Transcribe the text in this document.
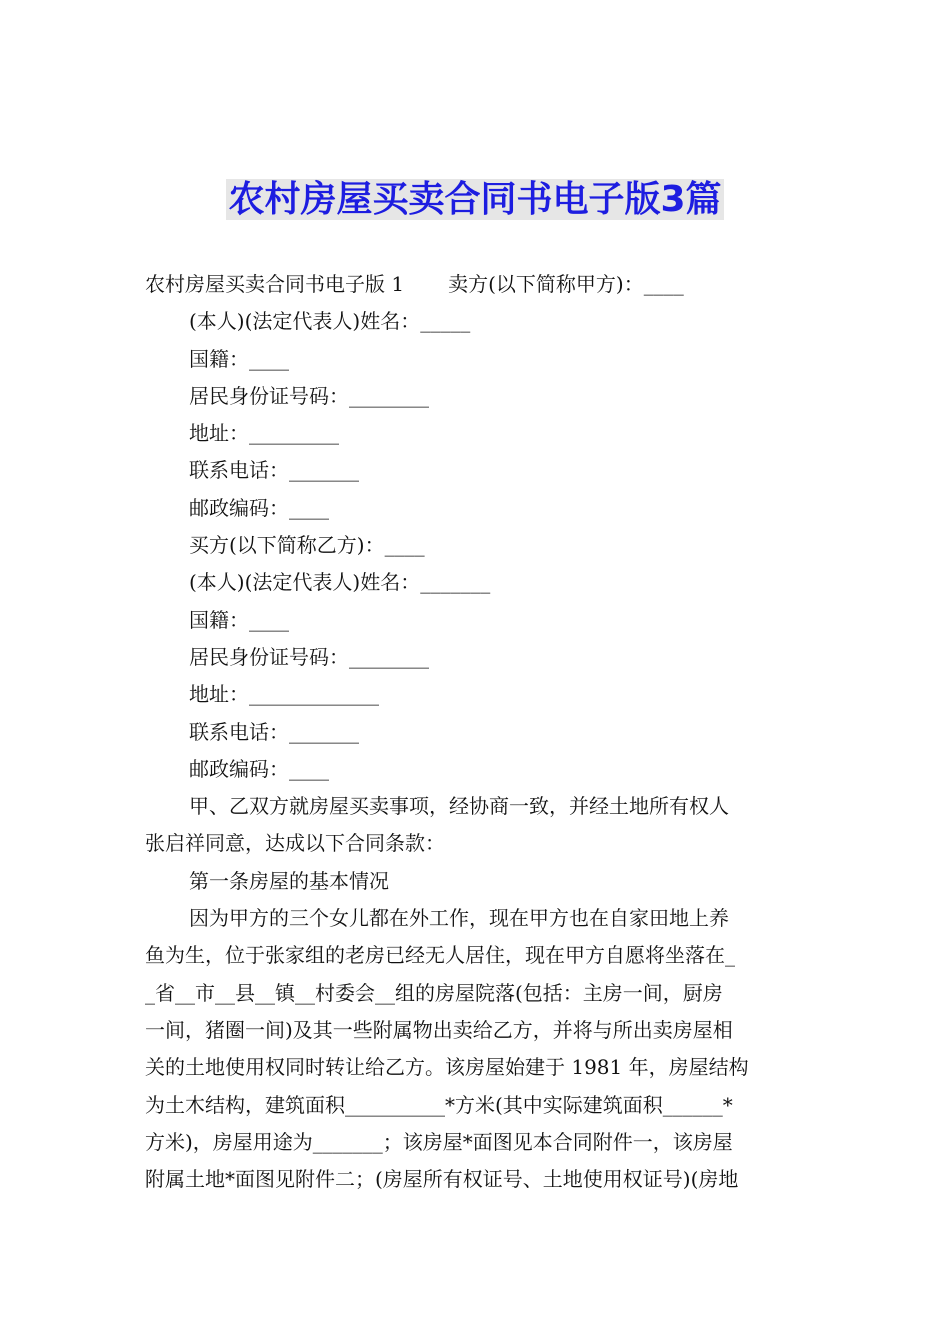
农村房屋买卖合同书电子版3篇
农村房屋买卖合同书电子版 1 卖方(以下简称甲方)：____
(本人)(法定代表人)姓名：_____
国籍：____
居民身份证号码：________
地址：_________
联系电话：_______
邮政编码：____
买方(以下简称乙方)：____
(本人)(法定代表人)姓名：_______
国籍：____
居民身份证号码：________
地址：_____________
联系电话：_______
邮政编码：____
甲、乙双方就房屋买卖事项，经协商一致，并经土地所有权人
张启祥同意，达成以下合同条款：
第一条房屋的基本情况
因为甲方的三个女儿都在外工作，现在甲方也在自家田地上养
鱼为生，位于张家组的老房已经无人居住，现在甲方自愿将坐落在_
_省__市__县__镇__村委会__组的房屋院落(包括：主房一间，厨房
一间，猪圈一间)及其一些附属物出卖给乙方，并将与所出卖房屋相
关的土地使用权同时转让给乙方。该房屋始建于 1981 年，房屋结构
为土木结构，建筑面积__________*方米(其中实际建筑面积______*
方米)，房屋用途为_______；该房屋*面图见本合同附件一，该房屋
附属土地*面图见附件二；(房屋所有权证号、土地使用权证号)(房地
